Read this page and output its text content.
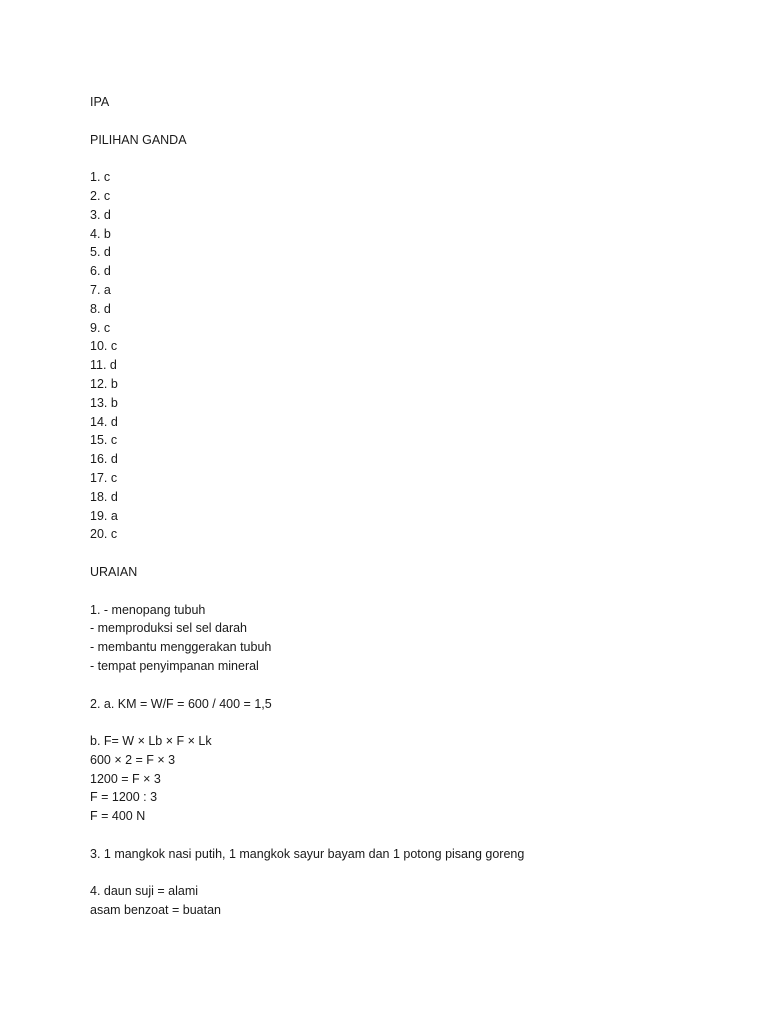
IPA
PILIHAN GANDA
1. c
2. c
3. d
4. b
5. d
6. d
7. a
8. d
9. c
10. c
11. d
12. b
13. b
14. d
15. c
16. d
17. c
18. d
19. a
20. c
URAIAN
1. - menopang tubuh
- memproduksi sel sel darah
- membantu menggerakan tubuh
- tempat penyimpanan mineral
2. a. KM = W/F = 600 / 400 = 1,5
b. F= W × Lb × F × Lk
600 × 2 = F × 3
1200 = F × 3
F = 1200 : 3
F = 400 N
3. 1 mangkok nasi putih, 1 mangkok sayur bayam dan 1 potong pisang goreng
4. daun suji = alami
asam benzoat = buatan
